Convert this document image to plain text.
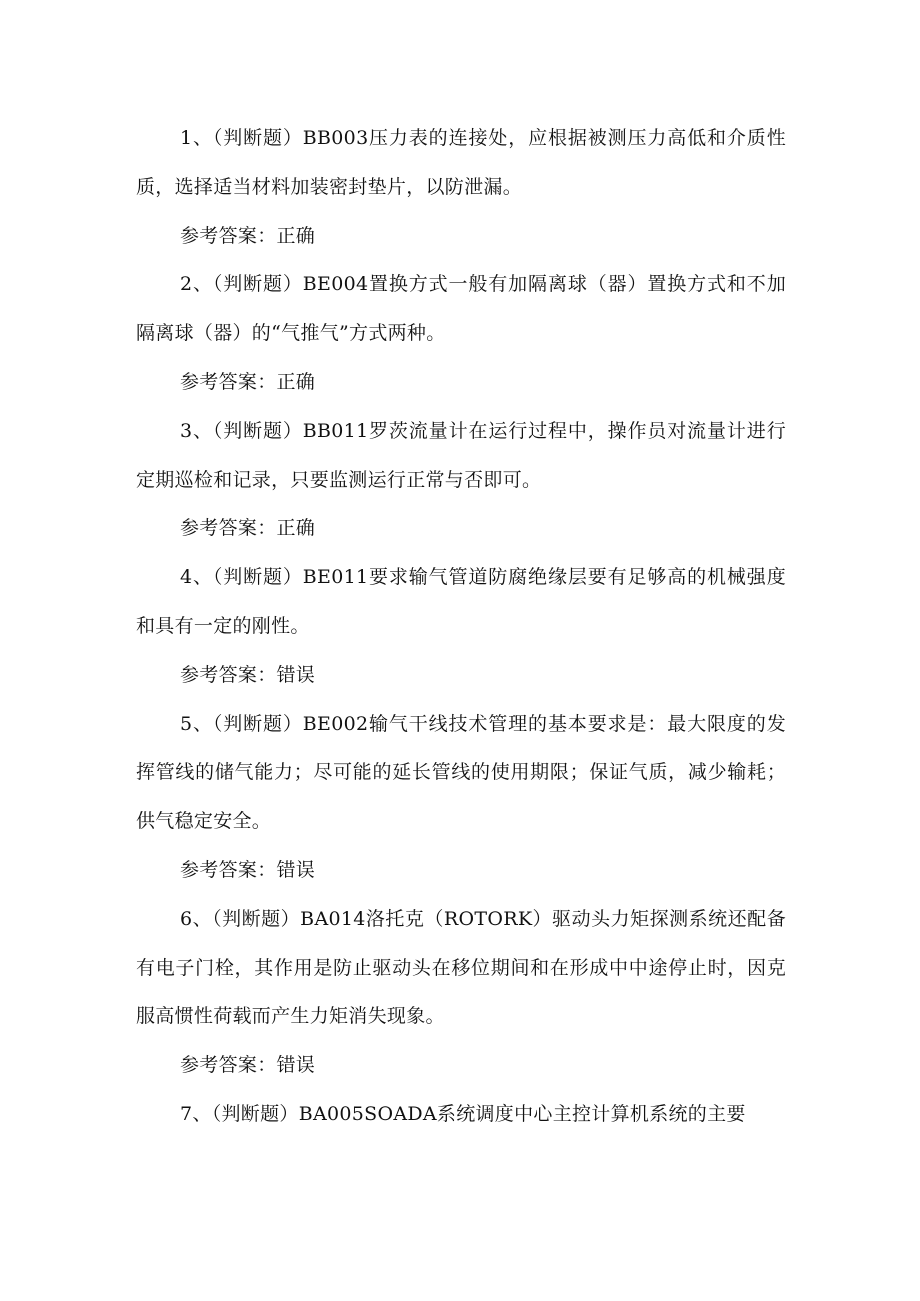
1、（判断题）BB003压力表的连接处，应根据被测压力高低和介质性质，选择适当材料加装密封垫片，以防泄漏。

参考答案：正确

2、（判断题）BE004置换方式一般有加隔离球（器）置换方式和不加隔离球（器）的“气推气”方式两种。

参考答案：正确

3、（判断题）BB011罗茨流量计在运行过程中，操作员对流量计进行定期巡检和记录，只要监测运行正常与否即可。

参考答案：正确

4、（判断题）BE011要求输气管道防腐绝缘层要有足够高的机械强度和具有一定的刚性。

参考答案：错误

5、（判断题）BE002输气干线技术管理的基本要求是：最大限度的发挥管线的储气能力；尽可能的延长管线的使用期限；保证气质，减少输耗；供气稳定安全。

参考答案：错误

6、（判断题）BA014洛托克（ROTORK）驱动头力矩探测系统还配备有电子门栓，其作用是防止驱动头在移位期间和在形成中中途停止时，因克服高惯性荷载而产生力矩消失现象。

参考答案：错误

7、（判断题）BA005SOADA系统调度中心主控计算机系统的主要
